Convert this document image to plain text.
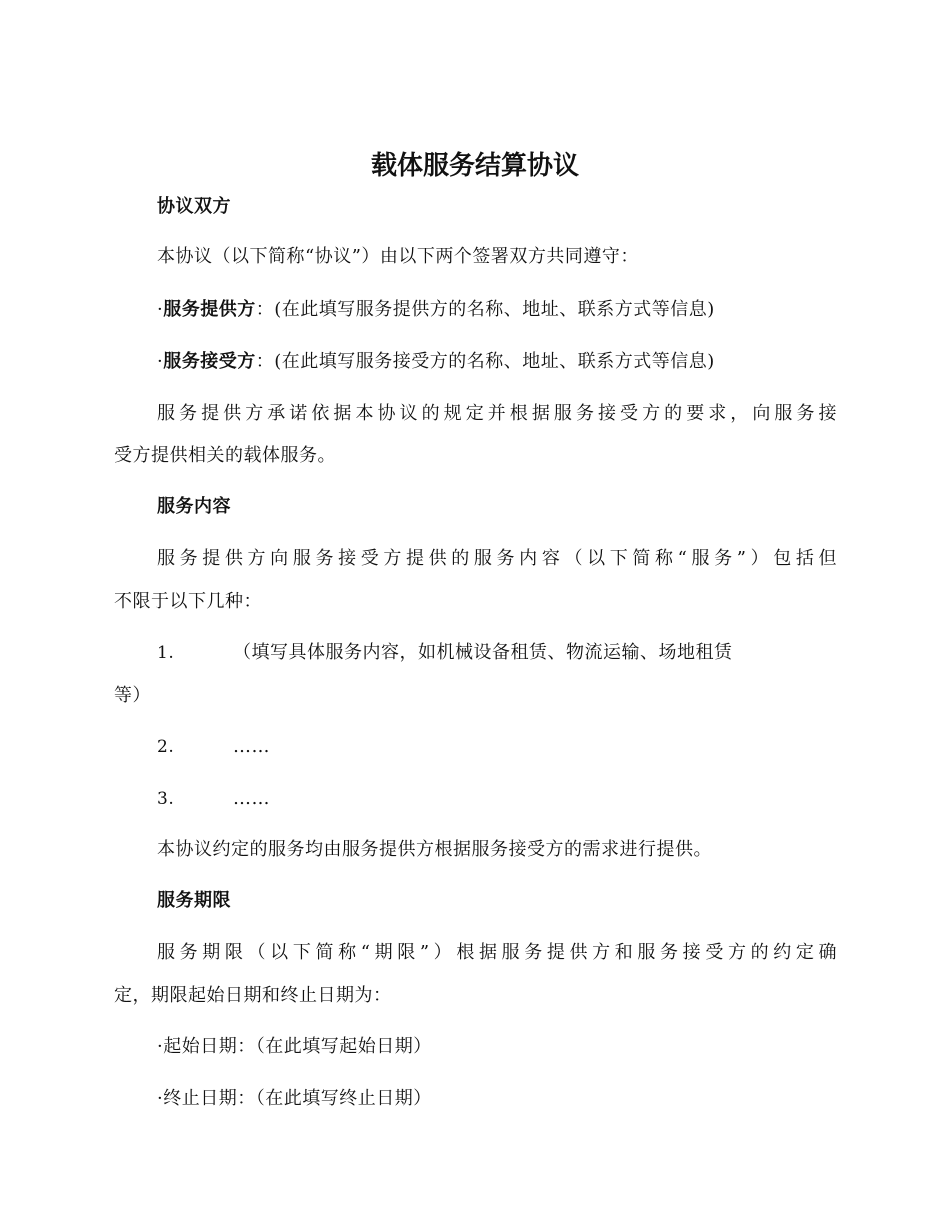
载体服务结算协议
协议双方
本协议（以下简称“协议”）由以下两个签署双方共同遵守：
·服务提供方：(在此填写服务提供方的名称、地址、联系方式等信息)
·服务接受方：(在此填写服务接受方的名称、地址、联系方式等信息)
服务提供方承诺依据本协议的规定并根据服务接受方的要求，向服务接
受方提供相关的载体服务。
服务内容
服务提供方向服务接受方提供的服务内容（以下简称“服务”）包括但
不限于以下几种：
1.	（填写具体服务内容，如机械设备租赁、物流运输、场地租赁
等）
2.	……
3.	……
本协议约定的服务均由服务提供方根据服务接受方的需求进行提供。
服务期限
服务期限（以下简称“期限”）根据服务提供方和服务接受方的约定确
定，期限起始日期和终止日期为：
·起始日期：（在此填写起始日期）
·终止日期：（在此填写终止日期）
